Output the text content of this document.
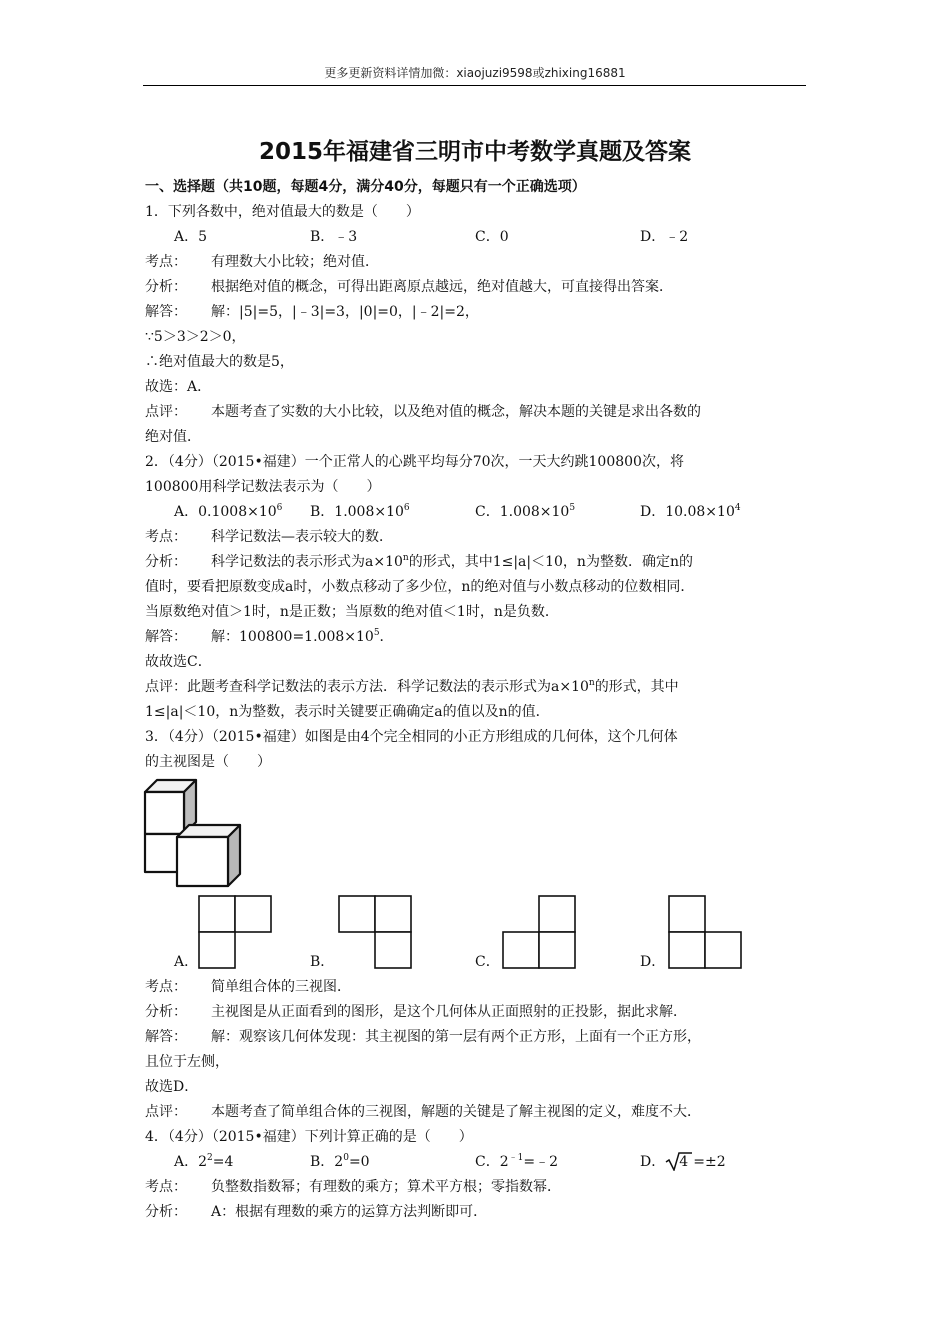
更多更新资料详情加微：xiaojuzi9598或zhixing16881
2015年福建省三明市中考数学真题及答案
一、选择题（共10题，每题4分，满分40分，每题只有一个正确选项）
1．下列各数中，绝对值最大的数是（　　）
A．5	B．﹣3	C．0	D．﹣2
考点： 有理数大小比较；绝对值．
分析： 根据绝对值的概念，可得出距离原点越远，绝对值越大，可直接得出答案．
解答： 解：|5|=5，|﹣3|=3，|0|=0，|﹣2|=2，
∵5＞3＞2＞0，
∴绝对值最大的数是5，
故选：A．
点评： 本题考查了实数的大小比较，以及绝对值的概念，解决本题的关键是求出各数的
绝对值．
2．（4分）（2015•福建）一个正常人的心跳平均每分70次，一天大约跳100800次，将
100800用科学记数法表示为（　　）
A．$0.1008\times 10^6$ B．$1.008\times 10^6$	C．$1.008\times 10^5$	D．$10.08\times 10^4$
考点： 科学记数法—表示较大的数．
分析： 科学记数法的表示形式为$a\times 10^n$的形式，其中1≤|a|＜10，n为整数．确定n的
值时，要看把原数变成a时，小数点移动了多少位，n的绝对值与小数点移动的位数相同．
当原数绝对值＞1时，n是正数；当原数的绝对值＜1时，n是负数．
解答： 解：$100800=1.008\times 10^5$．
故故选C．
点评：此题考查科学记数法的表示方法．科学记数法的表示形式为$a\times 10^n$的形式，其中
1≤|a|＜10，n为整数，表示时关键要正确确定a的值以及n的值．
3．（4分）（2015•福建）如图是由4个完全相同的小正方形组成的几何体，这个几何体
的主视图是（　　）
A．	B．	C．	D．
考点： 简单组合体的三视图．
分析： 主视图是从正面看到的图形，是这个几何体从正面照射的正投影，据此求解．
解答： 解：观察该几何体发现：其主视图的第一层有两个正方形，上面有一个正方形，
且位于左侧，
故选D．
点评： 本题考查了简单组合体的三视图，解题的关键是了解主视图的定义，难度不大．
4．（4分）（2015•福建）下列计算正确的是（　　）
A．$2^2=4$	B．$2^0=0$	C．$2^{﹣1}=﹣2$	D． 4 =±2
考点： 负整数指数幂；有理数的乘方；算术平方根；零指数幂．
分析： A：根据有理数的乘方的运算方法判断即可．
